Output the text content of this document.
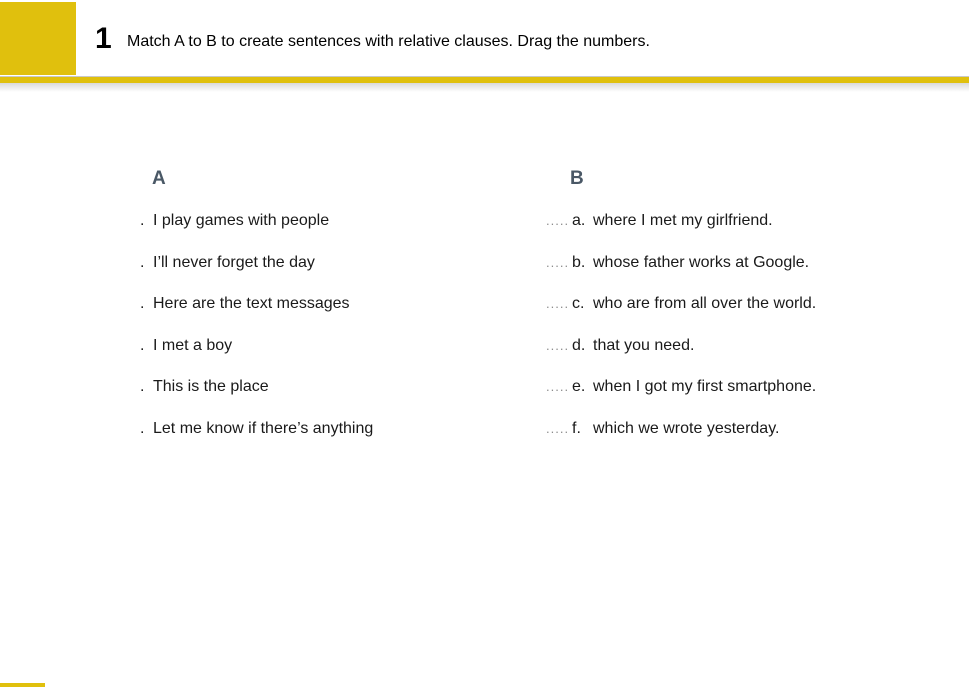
1 Match A to B to create sentences with relative clauses. Drag the numbers.
A	B
. I play games with people
. I’ll never forget the day
. Here are the text messages
. I met a boy
. This is the place
. Let me know if there’s anything
..... a. where I met my girlfriend.
..... b. whose father works at Google.
..... c. who are from all over the world.
..... d. that you need.
..... e. when I got my first smartphone.
..... f. which we wrote yesterday.
